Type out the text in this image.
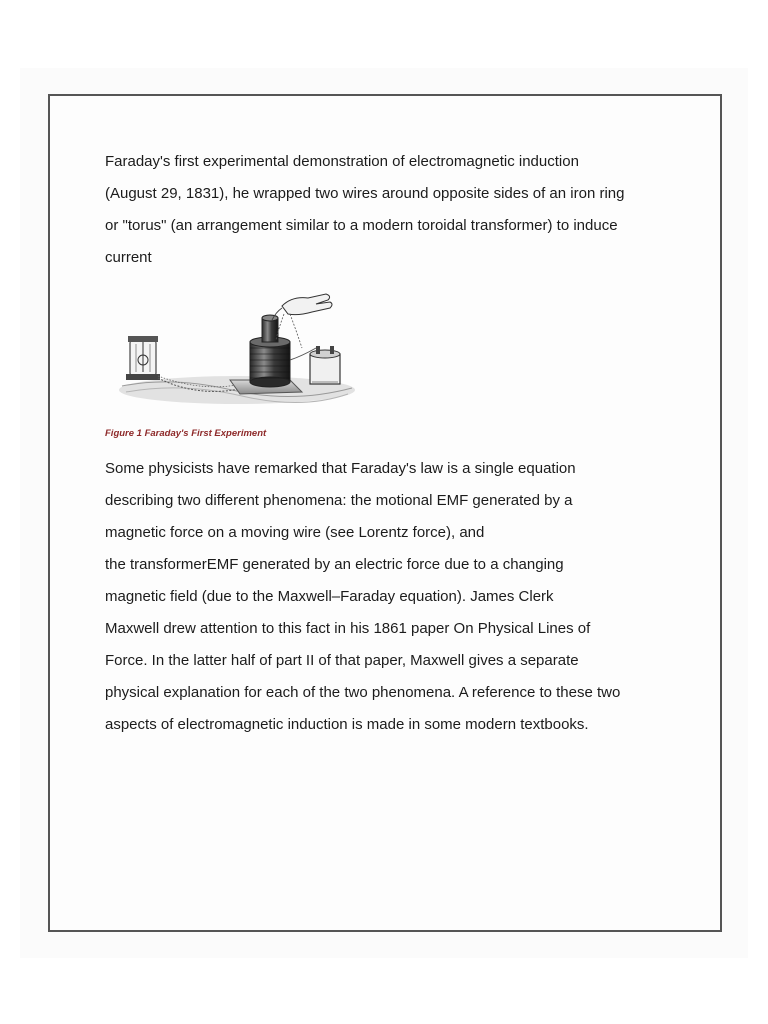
Faraday's first experimental demonstration of electromagnetic induction
(August 29, 1831), he wrapped two wires around opposite sides of an iron ring
or "torus" (an arrangement similar to a modern toroidal transformer) to induce
current

Figure 1 Faraday's First Experiment

Some physicists have remarked that Faraday's law is a single equation
describing two different phenomena: the motional EMF generated by a
magnetic force on a moving wire (see Lorentz force), and
the transformerEMF generated by an electric force due to a changing
magnetic field (due to the Maxwell–Faraday equation). James Clerk
Maxwell drew attention to this fact in his 1861 paper On Physical Lines of
Force. In the latter half of part II of that paper, Maxwell gives a separate
physical explanation for each of the two phenomena. A reference to these two
aspects of electromagnetic induction is made in some modern textbooks.
